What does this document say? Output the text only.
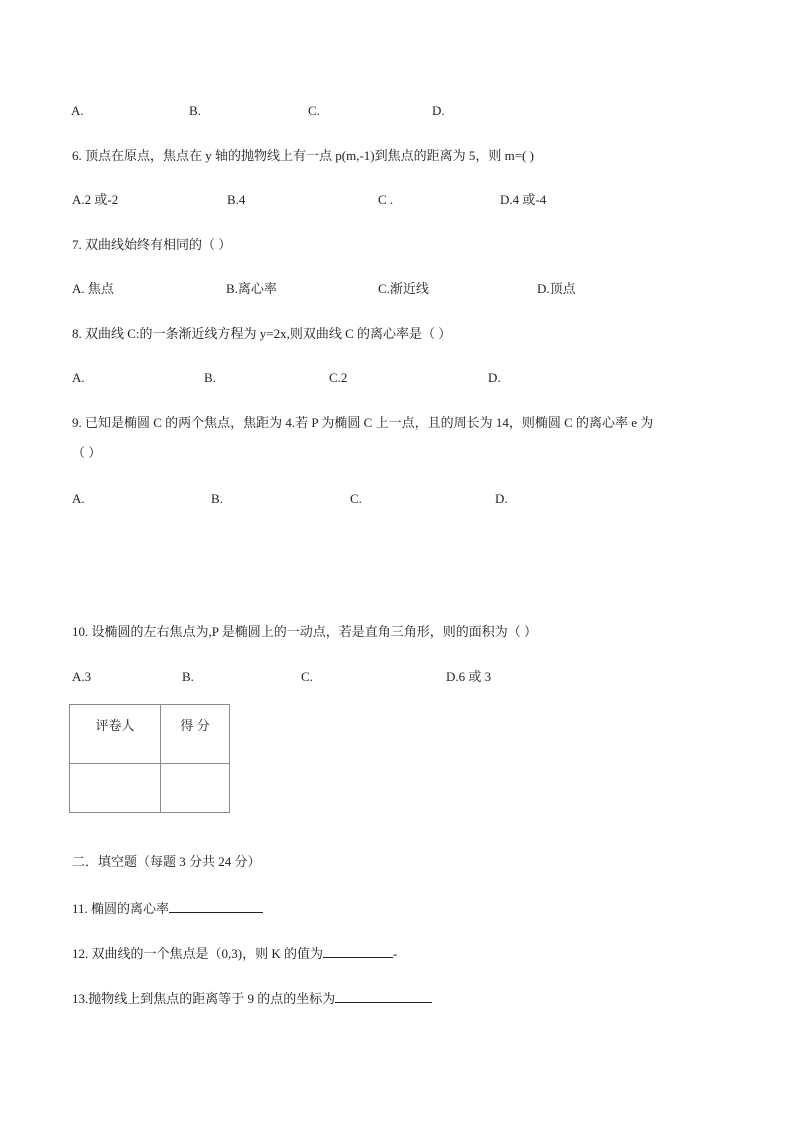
A.	B.	C.	D.
6. 顶点在原点，焦点在 y 轴的抛物线上有一点 p(m,-1)到焦点的距离为 5，则 m=( )
A.2 或-2	B.4	C .	D.4 或-4
7. 双曲线始终有相同的（ ）
A. 焦点	B.离心率	C.渐近线	D.顶点
8. 双曲线 C:的一条渐近线方程为 y=2x,则双曲线 C 的离心率是（ ）
A.	B.	C.2	D.
9. 已知是椭圆 C 的两个焦点，焦距为 4.若 P 为椭圆 C 上一点，且的周长为 14，则椭圆 C 的离心率 e 为
（ ）
A.	B.	C.	D.
10. 设椭圆的左右焦点为,P 是椭圆上的一动点，若是直角三角形，则的面积为（ ）
A.3	B.	C.	D.6 或 3
评卷人	得 分

二．填空题（每题 3 分共 24 分）
11. 椭圆的离心率
12. 双曲线的一个焦点是（0,3)，则 K 的值为	-
13.抛物线上到焦点的距离等于 9 的点的坐标为
